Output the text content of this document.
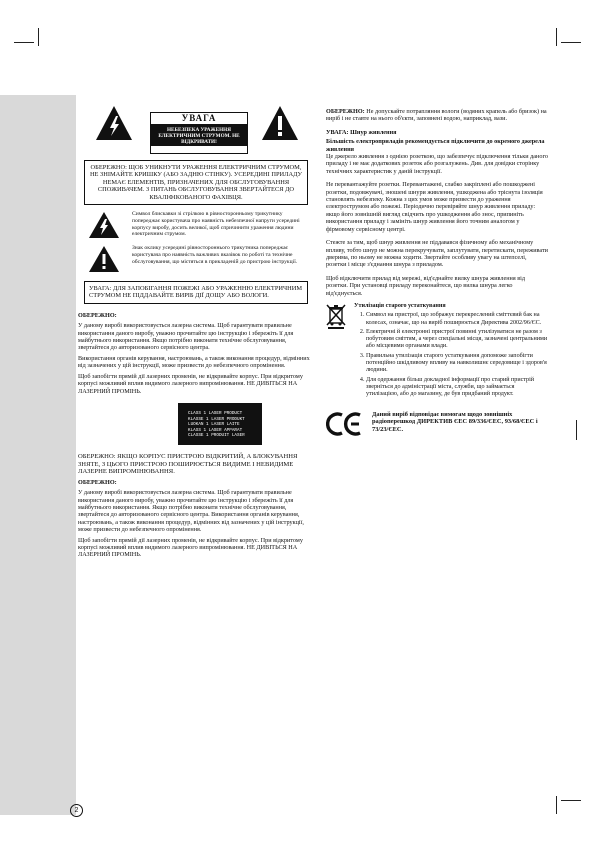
УВАГА
НЕБЕЗПЕКА УРАЖЕННЯ ЕЛЕКТРИЧНИМ СТРУМОМ. НЕ ВІДКРИВАТИ!
ОБЕРЕЖНО: ЩОБ УНИКНУТИ УРАЖЕННЯ ЕЛЕКТРИЧНИМ СТРУМОМ, НЕ ЗНІМАЙТЕ КРИШКУ (АБО ЗАДНЮ СТІНКУ). УСЕРЕДИНІ ПРИЛАДУ НЕМАЄ ЕЛЕМЕНТІВ, ПРИЗНАЧЕНИХ ДЛЯ ОБСЛУГОВУВАННЯ СПОЖИВАЧЕМ. З ПИТАНЬ ОБСЛУГОВУВАННЯ ЗВЕРТАЙТЕСЯ ДО КВАЛІФІКОВАНОГО ФАХІВЦЯ.
Символ блискавки зі стрілкою в рівносторонньому трикутнику попереджає користувача про наявність небезпечної напруги усередині корпусу виробу, досить великої, щоб спричинити ураження людини електричним струмом.
Знак оклику усередині рівностороннього трикутника попереджає користувача про наявність важливих вказівок по роботі та технічне обслуговування, що містяться в прикладеній до пристрою інструкції.
УВАГА: ДЛЯ ЗАПОБІГАННЯ ПОЖЕЖІ АБО УРАЖЕННЮ ЕЛЕКТРИЧНИМ СТРУМОМ НЕ ПІДДАВАЙТЕ ВИРІБ ДІЇ ДОЩУ АБО ВОЛОГИ.

ОБЕРЕЖНО:

У даному виробі використовується лазерна система. Щоб гарантувати правильне використання даного виробу, уважно прочитайте цю інструкцію і збережіть її для майбутнього використання. Якщо потрібно виконати технічне обслуговування, звертайтеся до авторизованого сервісного центра.

Використання органів керування, настроювань, а також виконання процедур, відмінних від зазначених у цій інструкції, може призвести до небезпечного опромінення.

Щоб запобігти прямій дії лазерних променів, не відкривайте корпус. При відкритому корпусі можливий вплив видимого лазерного випромінювання. НЕ ДИВІТЬСЯ НА ЛАЗЕРНИЙ ПРОМІНЬ.

CLASS 1 LASER PRODUCT
KLASSE 1 LASER PRODUKT
LUOKAN 1 LASER LAITE
KLASS 1 LASER APPARAT
CLASSE 1 PRODUIT LASER

ОБЕРЕЖНО: ЯКЩО КОРПУС ПРИСТРОЮ ВІДКРИТИЙ, А БЛОКУВАННЯ ЗНЯТЕ, З ЦЬОГО ПРИСТРОЮ ПОШИРЮЄТЬСЯ ВИДИМЕ І НЕВИДИМЕ ЛАЗЕРНЕ ВИПРОМІНЮВАННЯ.

ОБЕРЕЖНО:

У даному виробі використовується лазерна система. Щоб гарантувати правильне використання даного виробу, уважно прочитайте цю інструкцію і збережіть її для майбутнього використання. Якщо потрібно виконати технічне обслуговування, звертайтеся до авторизованого сервісного центра. Використання органів керування, настроювань, а також виконання процедур, відмінних від зазначених у цій інструкції, може призвести до небезпечного опромінення.

Щоб запобігти прямій дії лазерних променів, не відкривайте корпус. При відкритому корпусі можливий вплив видимого лазерного випромінювання. НЕ ДИВІТЬСЯ НА ЛАЗЕРНИЙ ПРОМІНЬ.

ОБЕРЕЖНО: Не допускайте потрапляння вологи (водяних крапель або бризок) на виріб і не ставте на нього об'єкти, заповнені водою, наприклад, вази.

УВАГА: Шнур живлення

Більшість електроприладів рекомендується підключити до окремого джерела живлення

Це джерело живлення з однією розеткою, що забезпечує підключення тільки даного приладу і не має додаткових розеток або розгалужень. Див. для довідки сторінку технічних характеристик у даній інструкції.

Не перевантажуйте розетки. Перевантажені, слабко закріплені або пошкоджені розетки, подовжувачі, зношені шнури живлення, ушкоджена або тріснута ізоляція становлять небезпеку. Кожна з цих умов може призвести до ураження електрострумом або пожежі. Періодично перевіряйте шнур живлення приладу: якщо його зовнішній вигляд свідчить про ушкодження або знос, припиніть використання приладу і замініть шнур живлення його точним аналогом у фірмовому сервісному центрі.

Стежте за тим, щоб шнур живлення не піддавався фізичному або механічному впливу, тобто шнур не можна перекручувати, заплутувати, перетискати, переживати дверима, по ньому не можна ходити. Звертайте особливу увагу на штепселі, розетки і місце з'єднання шнура з приладом.

Щоб відключити прилад від мережі, від'єднайте вилку шнура живлення від розетки. При установці приладу переконайтеся, що вилка шнура легко від'єднується.

Утилізація старого устаткування
1. Символ на пристрої, що зображує перекреслений сміттєвий бак на колесах, означає, що на виріб поширюється Директива 2002/96/ЄС.
2. Електричні й електронні пристрої повинні утилізуватися не разом з побутовим сміттям, а через спеціальні місця, зазначені центральними або місцевими органами влади.
3. Правильна утилізація старого устаткування допоможе запобігти потенційно шкідливому впливу на навколишнє середовище і здоров'я людини.
4. Для одержання більш докладної інформації про старий пристрій зверніться до адміністрації міста, служби, що займається утилізацією, або до магазину, де був придбаний продукт.
Даний виріб відповідає вимогам щодо зовнішніх радіоперешкод ДИРЕКТИВ ЄЕС 89/336/ЄЕС, 93/68/ЄЕС і 73/23/ЄЕС.
2
